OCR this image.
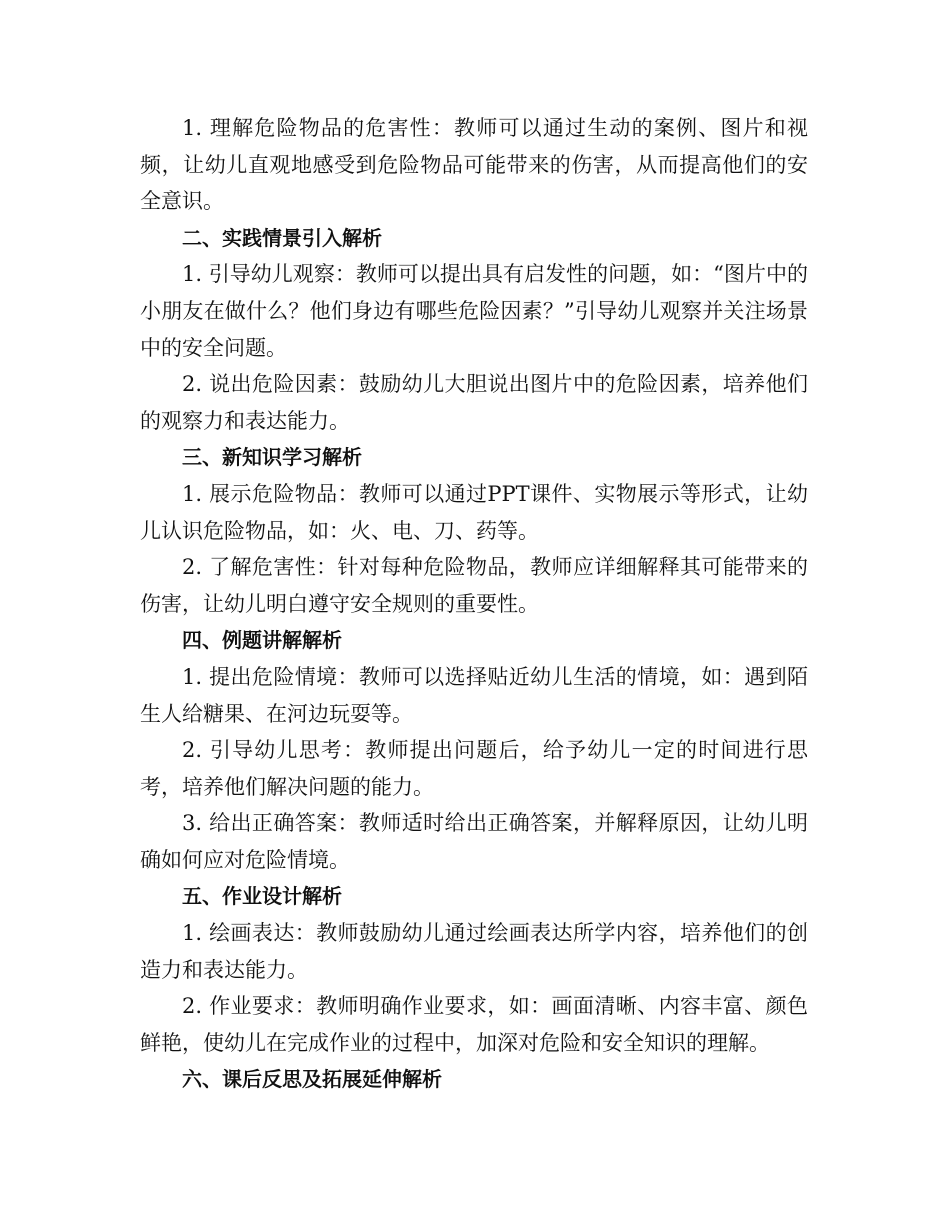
1. 理解危险物品的危害性：教师可以通过生动的案例、图片和视频，让幼儿直观地感受到危险物品可能带来的伤害，从而提高他们的安全意识。

二、实践情景引入解析

1. 引导幼儿观察：教师可以提出具有启发性的问题，如：“图片中的小朋友在做什么？他们身边有哪些危险因素？”引导幼儿观察并关注场景中的安全问题。

2. 说出危险因素：鼓励幼儿大胆说出图片中的危险因素，培养他们的观察力和表达能力。

三、新知识学习解析

1. 展示危险物品：教师可以通过PPT课件、实物展示等形式，让幼儿认识危险物品，如：火、电、刀、药等。

2. 了解危害性：针对每种危险物品，教师应详细解释其可能带来的伤害，让幼儿明白遵守安全规则的重要性。

四、例题讲解解析

1. 提出危险情境：教师可以选择贴近幼儿生活的情境，如：遇到陌生人给糖果、在河边玩耍等。

2. 引导幼儿思考：教师提出问题后，给予幼儿一定的时间进行思考，培养他们解决问题的能力。

3. 给出正确答案：教师适时给出正确答案，并解释原因，让幼儿明确如何应对危险情境。

五、作业设计解析

1. 绘画表达：教师鼓励幼儿通过绘画表达所学内容，培养他们的创造力和表达能力。

2. 作业要求：教师明确作业要求，如：画面清晰、内容丰富、颜色鲜艳，使幼儿在完成作业的过程中，加深对危险和安全知识的理解。

六、课后反思及拓展延伸解析
